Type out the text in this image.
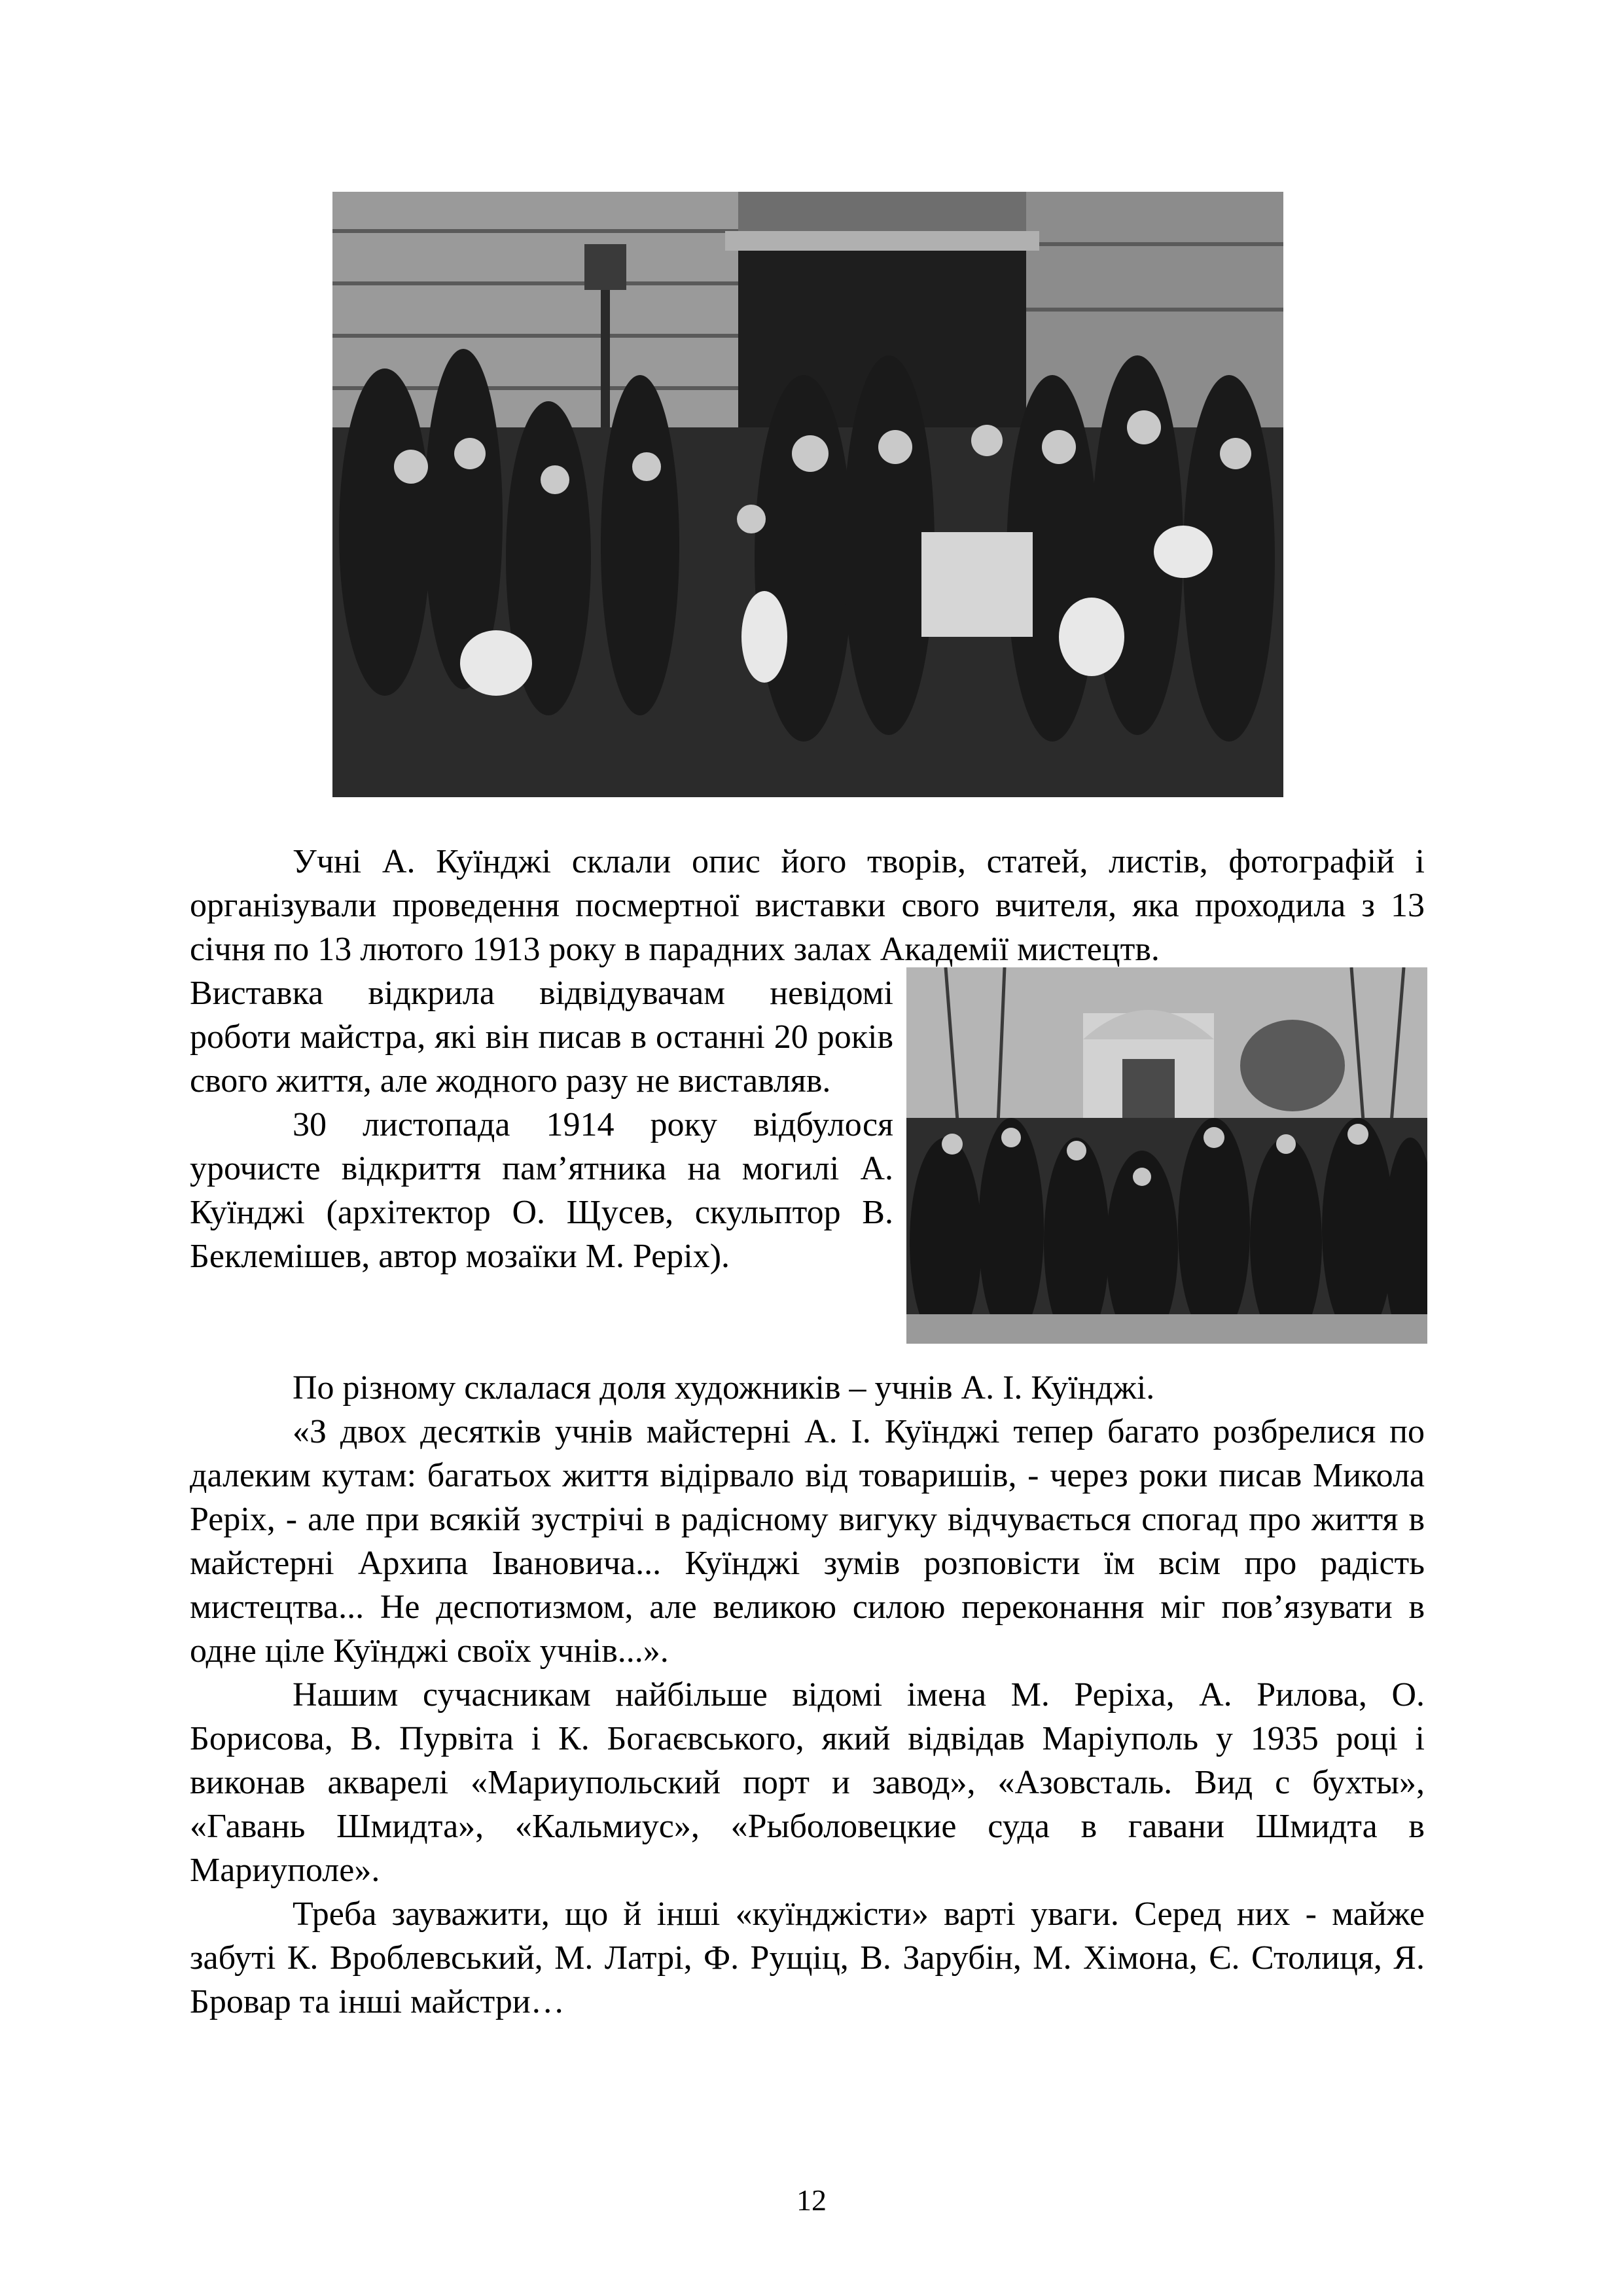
Учні А. Куїнджі склали опис його творів, статей, листів, фотографій і організували проведення посмертної виставки свого вчителя, яка проходила з 13 січня по 13 лютого 1913 року в парадних залах Академії мистецтв.

Виставка відкрила відвідувачам невідомі роботи майстра, які він писав в останні 20 років свого життя, але жодного разу не виставляв.

30 листопада 1914 року відбулося урочисте відкриття пам’ятника на могилі А. Куїнджі (архітектор О. Щусев, скульптор В. Беклемішев, автор мозаїки М. Реріх).

По різному склалася доля художників – учнів А. І. Куїнджі.

«З двох десятків учнів майстерні А. І. Куїнджі тепер багато розбрелися по далеким кутам: багатьох життя відірвало від товаришів, - через роки писав Микола Реріх, - але при всякій зустрічі в радісному вигуку відчувається спогад про життя в майстерні Архипа Івановича... Куїнджі зумів розповісти їм всім про радість мистецтва... Не деспотизмом, але великою силою переконання міг пов’язувати в одне ціле Куїнджі своїх учнів...».

Нашим сучасникам найбільше відомі імена М. Реріха, А. Рилова, О. Борисова, В. Пурвіта і К. Богаєвського, який відвідав Маріуполь у 1935 році і виконав акварелі «Мариупольский порт и завод», «Азовсталь. Вид с бухты», «Гавань Шмидта», «Кальмиус», «Рыболовецкие суда в гавани Шмидта в Мариуполе».

Треба зауважити, що й інші «куїнджісти» варті уваги. Серед них - майже забуті К. Вроблевський, М. Латрі, Ф. Рущіц, В. Зарубін, М. Хімона, Є. Столиця, Я. Бровар та інші майстри…

12
